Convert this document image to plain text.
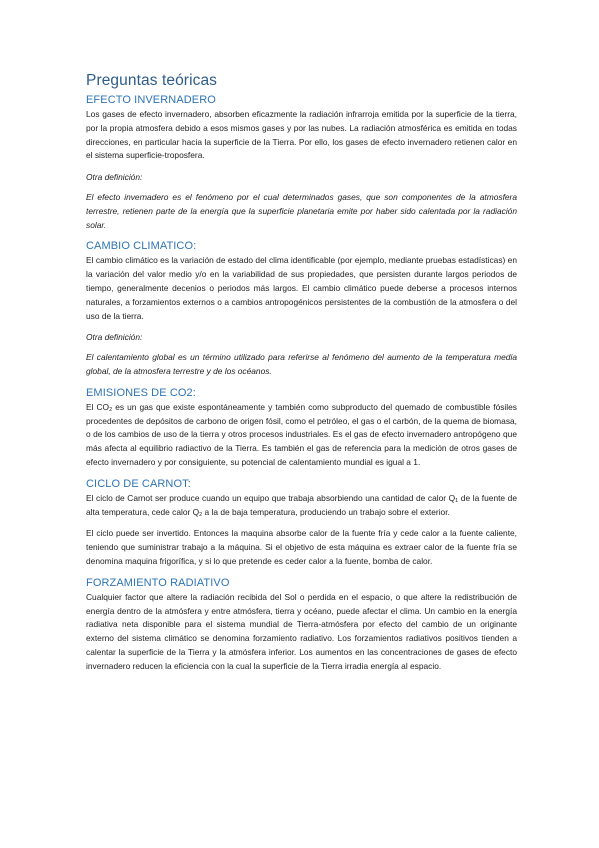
Preguntas teóricas
EFECTO INVERNADERO

Los gases de efecto invernadero, absorben eficazmente la radiación infrarroja emitida por la superficie de la tierra, por la propia atmosfera debido a esos mismos gases y por las nubes. La radiación atmosférica es emitida en todas direcciones, en particular hacia la superficie de la Tierra. Por ello, los gases de efecto invernadero retienen calor en el sistema superficie-troposfera.

Otra definición:

El efecto invernadero es el fenómeno por el cual determinados gases, que son componentes de la atmosfera terrestre, retienen parte de la energía que la superficie planetaria emite por haber sido calentada por la radiación solar.

CAMBIO CLIMATICO:

El cambio climático es la variación de estado del clima identificable (por ejemplo, mediante pruebas estadísticas) en la variación del valor medio y/o en la variabilidad de sus propiedades, que persisten durante largos periodos de tiempo, generalmente decenios o periodos más largos. El cambio climático puede deberse a procesos internos naturales, a forzamientos externos o a cambios antropogénicos persistentes de la combustión de la atmosfera o del uso de la tierra.

Otra definición:

El calentamiento global es un término utilizado para referirse al fenómeno del aumento de la temperatura media global, de la atmosfera terrestre y de los océanos.

EMISIONES DE CO2:

El $CO_2$ es un gas que existe espontáneamente y también como subproducto del quemado de combustible fósiles procedentes de depósitos de carbono de origen fósil, como el petróleo, el gas o el carbón, de la quema de biomasa, o de los cambios de uso de la tierra y otros procesos industriales. Es el gas de efecto invernadero antropógeno que más afecta al equilibrio radiactivo de la Tierra. Es también el gas de referencia para la medición de otros gases de efecto invernadero y por consiguiente, su potencial de calentamiento mundial es igual a 1.

CICLO DE CARNOT:

El ciclo de Carnot ser produce cuando un equipo que trabaja absorbiendo una cantidad de calor $Q_1$ de la fuente de alta temperatura, cede calor $Q_2$ a la de baja temperatura, produciendo un trabajo sobre el exterior.

El ciclo puede ser invertido. Entonces la maquina absorbe calor de la fuente fría y cede calor a la fuente caliente, teniendo que suministrar trabajo a la máquina. Si el objetivo de esta máquina es extraer calor de la fuente fría se denomina maquina frigorífica, y si lo que pretende es ceder calor a la fuente, bomba de calor.

FORZAMIENTO RADIATIVO

Cualquier factor que altere la radiación recibida del Sol o perdida en el espacio, o que altere la redistribución de energía dentro de la atmósfera y entre atmósfera, tierra y océano, puede afectar el clima. Un cambio en la energía radiativa neta disponible para el sistema mundial de Tierra-atmósfera por efecto del cambio de un originante externo del sistema climático se denomina forzamiento radiativo. Los forzamientos radiativos positivos tienden a calentar la superficie de la Tierra y la atmósfera inferior. Los aumentos en las concentraciones de gases de efecto invernadero reducen la eficiencia con la cual la superficie de la Tierra irradia energía al espacio.
